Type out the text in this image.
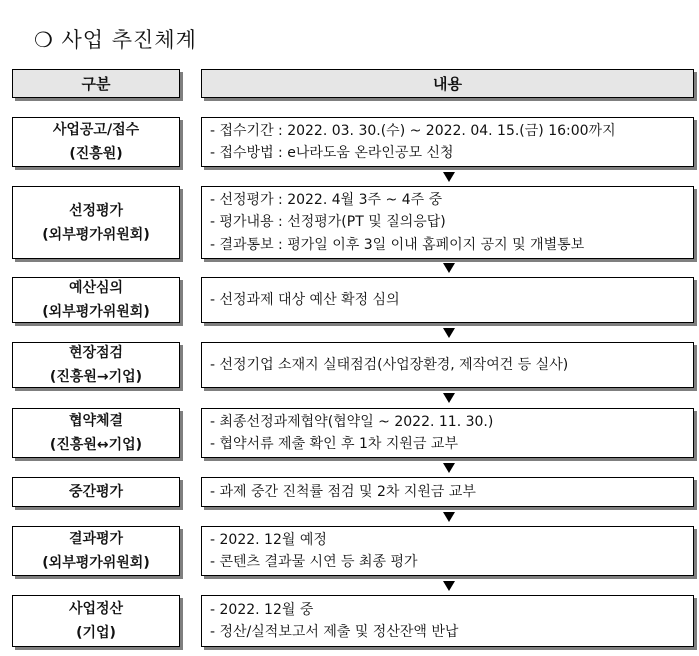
❍ 사업 추진체계
구분	내용
사업공고/접수
(진흥원)
- 접수기간 : 2022. 03. 30.(수) ~ 2022. 04. 15.(금) 16:00까지
- 접수방법 : e나라도움 온라인공모 신청
선정평가
(외부평가위원회)
- 선정평가 : 2022. 4월 3주 ~ 4주 중
- 평가내용 : 선정평가(PT 및 질의응답)
- 결과통보 : 평가일 이후 3일 이내 홈페이지 공지 및 개별통보
예산심의
(외부평가위원회)
- 선정과제 대상 예산 확정 심의
현장점검
(진흥원→기업)
- 선정기업 소재지 실태점검(사업장환경, 제작여건 등 실사)
협약체결
(진흥원↔기업)
- 최종선정과제협약(협약일 ~ 2022. 11. 30.)
- 협약서류 제출 확인 후 1차 지원금 교부
중간평가	- 과제 중간 진척률 점검 및 2차 지원금 교부
결과평가
(외부평가위원회)
- 2022. 12월 예정
- 콘텐츠 결과물 시연 등 최종 평가
사업정산
(기업)
- 2022. 12월 중
- 정산/실적보고서 제출 및 정산잔액 반납
